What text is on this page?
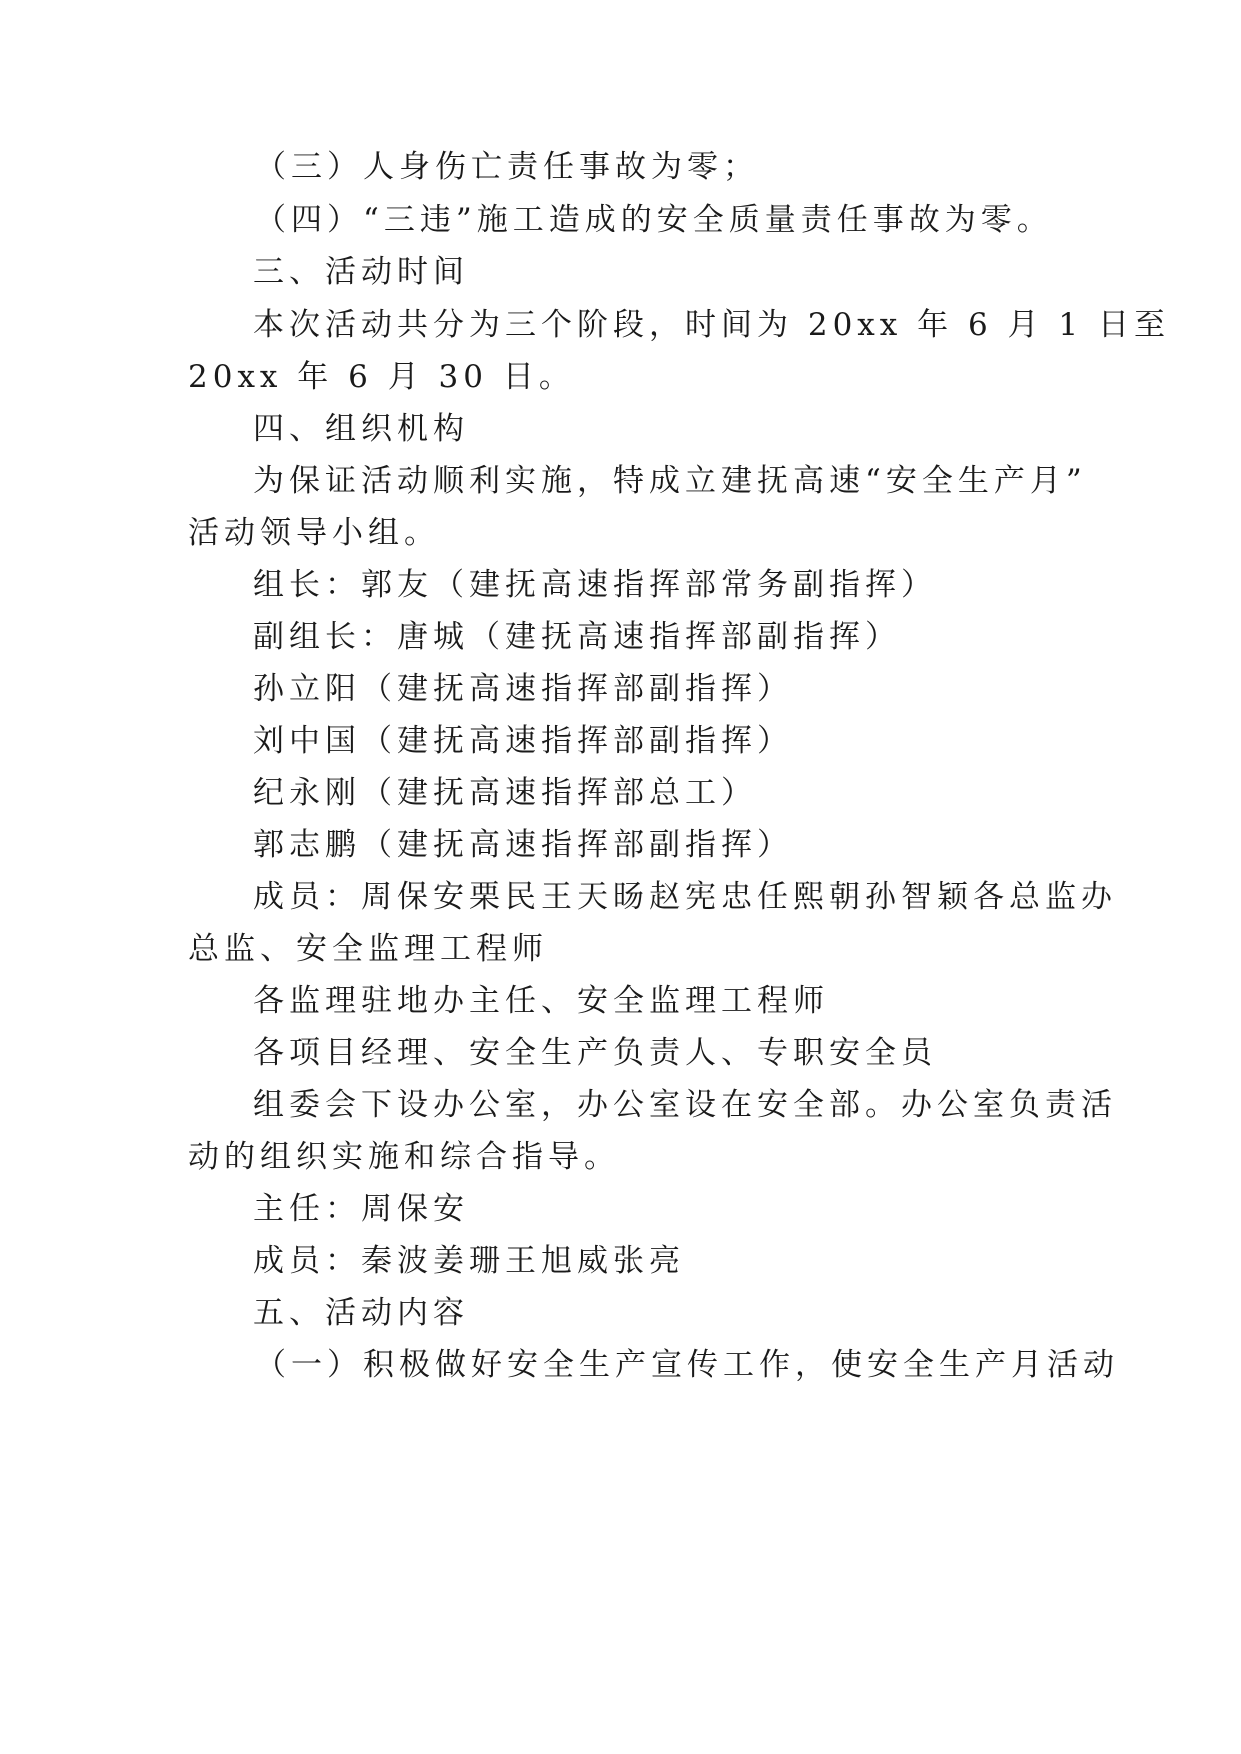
（三）人身伤亡责任事故为零；
（四）“三违”施工造成的安全质量责任事故为零。
三、活动时间
本次活动共分为三个阶段，时间为 20xx 年 6 月 1 日至
20xx 年 6 月 30 日。
四、组织机构
为保证活动顺利实施，特成立建抚高速“安全生产月”
活动领导小组。
组长：郭友（建抚高速指挥部常务副指挥）
副组长：唐城（建抚高速指挥部副指挥）
孙立阳（建抚高速指挥部副指挥）
刘中国（建抚高速指挥部副指挥）
纪永刚（建抚高速指挥部总工）
郭志鹏（建抚高速指挥部副指挥）
成员：周保安栗民王天旸赵宪忠任熙朝孙智颖各总监办
总监、安全监理工程师
各监理驻地办主任、安全监理工程师
各项目经理、安全生产负责人、专职安全员
组委会下设办公室，办公室设在安全部。办公室负责活
动的组织实施和综合指导。
主任：周保安
成员：秦波姜珊王旭威张亮
五、活动内容
（一）积极做好安全生产宣传工作，使安全生产月活动
